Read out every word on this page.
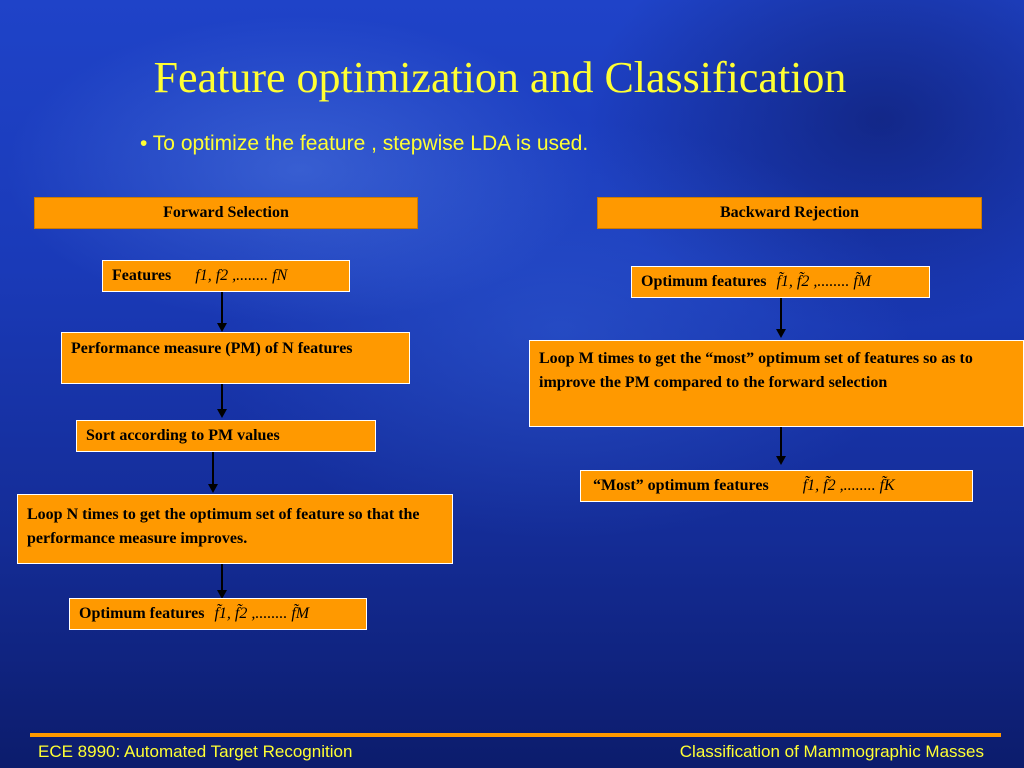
Feature optimization and Classification
• To optimize the feature , stepwise LDA is used.
Forward Selection
Features f1, f2 ,........ fN
Performance measure (PM) of N features
Sort according to PM values
Loop N times to get the optimum set of feature so that the performance measure improves.
Optimum features f̃1, f̃2 ,........ f̃M
Backward Rejection
Optimum features f̃1, f̃2 ,........ f̃M
Loop M times to get the “most” optimum set of features so as to improve the PM compared to the forward selection
“Most” optimum features f̃1, f̃2 ,........ f̃K
ECE 8990: Automated Target Recognition	Classification of Mammographic Masses
